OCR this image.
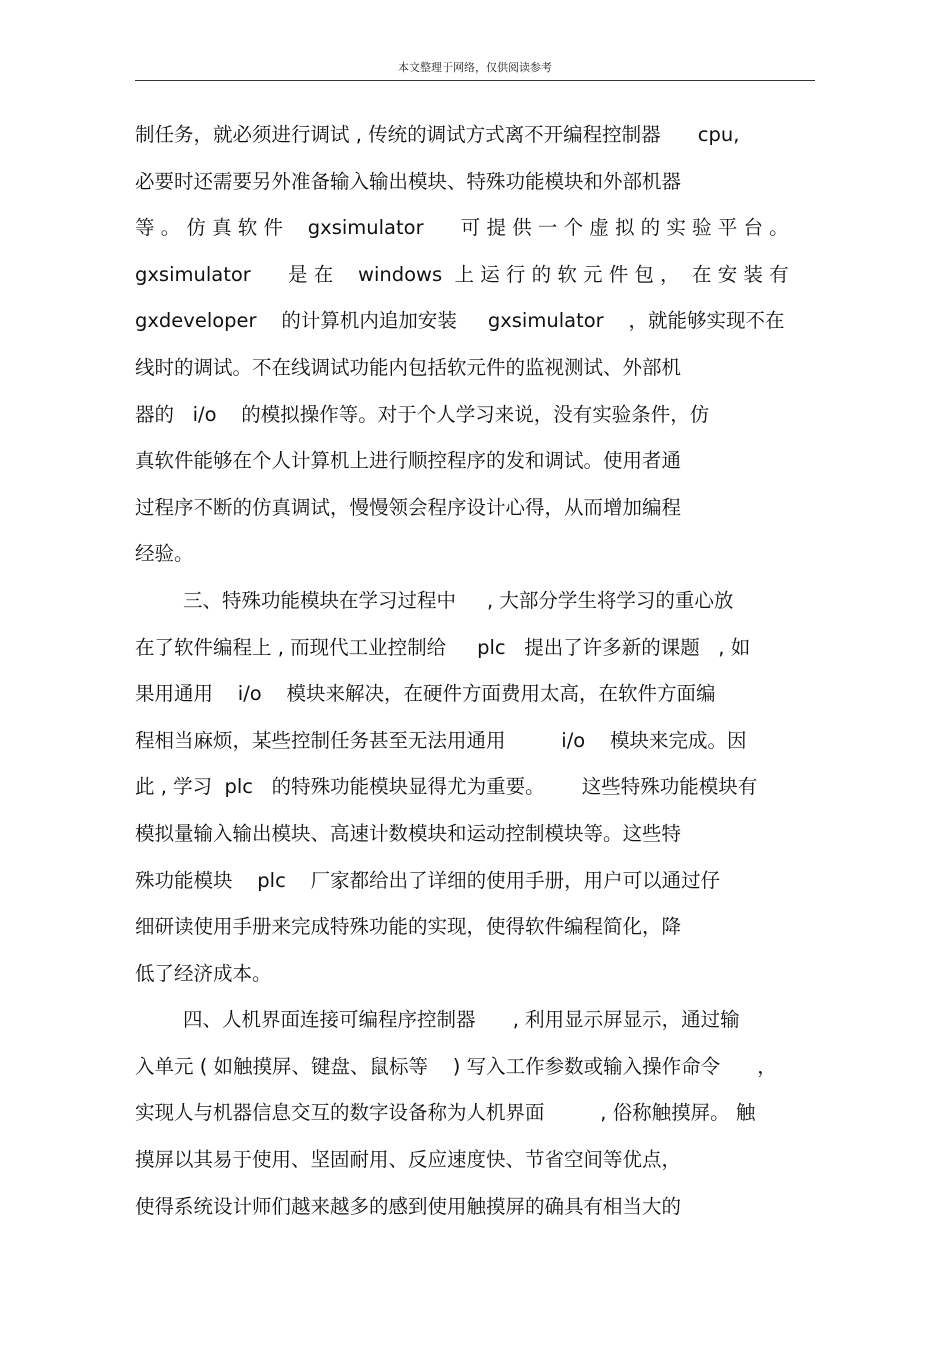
本文整理于网络，仅供阅读参考
制任务，就必须进行调试 , 传统的调试方式离不开编程控制器      cpu,
必要时还需要另外准备输入输出模块、特殊功能模块和外部机器
等 。 仿 真 软 件    gxsimulator      可 提 供 一 个 虚 拟 的 实 验 平 台 。
gxsimulator      是 在    windows  上 运 行 的 软 元 件 包 ，  在 安 装 有
gxdeveloper    的计算机内追加安装     gxsimulator    ，就能够实现不在
线时的调试。不在线调试功能内包括软元件的监视测试、外部机
器的   i/o    的模拟操作等。对于个人学习来说，没有实验条件，仿
真软件能够在个人计算机上进行顺控程序的发和调试。使用者通
过程序不断的仿真调试，慢慢领会程序设计心得，从而增加编程
经验。
三、特殊功能模块在学习过程中     , 大部分学生将学习的重心放
在了软件编程上 , 而现代工业控制给     plc   提出了许多新的课题   , 如
果用通用    i/o    模块来解决，在硬件方面费用太高，在软件方面编
程相当麻烦，某些控制任务甚至无法用通用         i/o    模块来完成。因
此 , 学习  plc   的特殊功能模块显得尤为重要。      这些特殊功能模块有
模拟量输入输出模块、高速计数模块和运动控制模块等。这些特
殊功能模块    plc    厂家都给出了详细的使用手册，用户可以通过仔
细研读使用手册来完成特殊功能的实现，使得软件编程简化，降
低了经济成本。
四、人机界面连接可编程序控制器      , 利用显示屏显示，通过输
入单元 ( 如触摸屏、键盘、鼠标等    ) 写入工作参数或输入操作命令      ，
实现人与机器信息交互的数字设备称为人机界面         , 俗称触摸屏。 触
摸屏以其易于使用、坚固耐用、反应速度快、节省空间等优点，
使得系统设计师们越来越多的感到使用触摸屏的确具有相当大的
